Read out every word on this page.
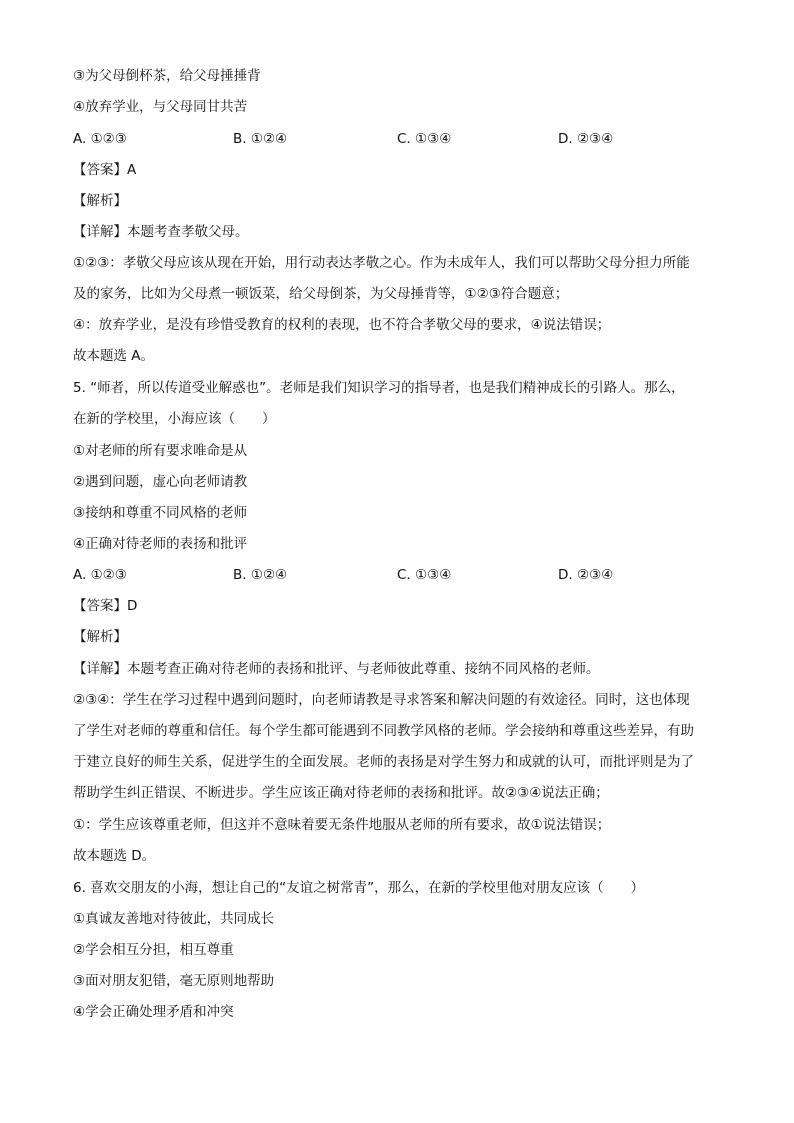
③为父母倒杯茶，给父母捶捶背
④放弃学业，与父母同甘共苦
A. ①②③	B. ①②④	C. ①③④	D. ②③④
【答案】A
【解析】
【详解】本题考查孝敬父母。
①②③：孝敬父母应该从现在开始，用行动表达孝敬之心。作为未成年人，我们可以帮助父母分担力所能
及的家务，比如为父母煮一顿饭菜，给父母倒茶，为父母捶背等，①②③符合题意；
④：放弃学业，是没有珍惜受教育的权利的表现，也不符合孝敬父母的要求，④说法错误；
故本题选 A。
5. “师者，所以传道受业解惑也”。老师是我们知识学习的指导者，也是我们精神成长的引路人。那么，
在新的学校里，小海应该（　　）
①对老师的所有要求唯命是从
②遇到问题，虚心向老师请教
③接纳和尊重不同风格的老师
④正确对待老师的表扬和批评
A. ①②③	B. ①②④	C. ①③④	D. ②③④
【答案】D
【解析】
【详解】本题考查正确对待老师的表扬和批评、与老师彼此尊重、接纳不同风格的老师。
②③④：学生在学习过程中遇到问题时，向老师请教是寻求答案和解决问题的有效途径。同时，这也体现
了学生对老师的尊重和信任。每个学生都可能遇到不同教学风格的老师。学会接纳和尊重这些差异，有助
于建立良好的师生关系，促进学生的全面发展。老师的表扬是对学生努力和成就的认可，而批评则是为了
帮助学生纠正错误、不断进步。学生应该正确对待老师的表扬和批评。故②③④说法正确；
①：学生应该尊重老师，但这并不意味着要无条件地服从老师的所有要求，故①说法错误；
故本题选 D。
6. 喜欢交朋友的小海，想让自己的“友谊之树常青”，那么，在新的学校里他对朋友应该（　　）
①真诚友善地对待彼此，共同成长
②学会相互分担，相互尊重
③面对朋友犯错，毫无原则地帮助
④学会正确处理矛盾和冲突
